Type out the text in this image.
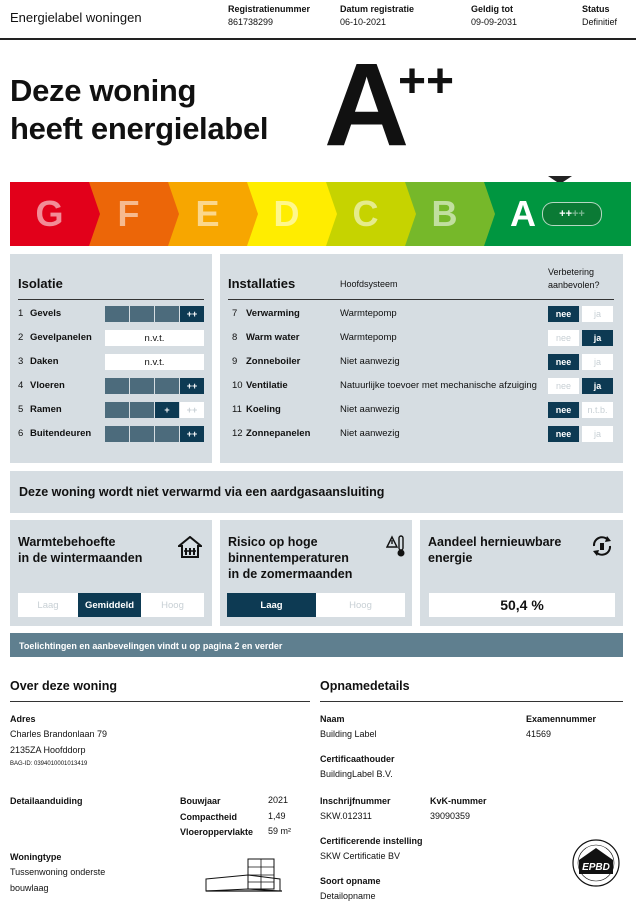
Energielabel woningen
Registratienummer
861738299
Datum registratie
06-10-2021
Geldig tot
09-09-2031
Status
Definitief
Deze woning
heeft energielabel A
++
G F E D C B A ++ ++
Isolatie
1 Gevels	++
2 Gevelpanelen	n.v.t.
3 Daken	n.v.t.
4 Vloeren	++
5 Ramen	+	++
6 Buitendeuren	++
Installaties	Hoofdsysteem
Verbetering
aanbevolen?
7 Verwarming	Warmtepomp	nee	ja
8 Warm water	Warmtepomp	nee	ja
9 Zonneboiler	Niet aanwezig	nee	ja
10 Ventilatie	Natuurlijke toevoer met mechanische afzuiging	nee	ja
11 Koeling	Niet aanwezig	nee	n.t.b.
12 Zonnepanelen	Niet aanwezig	nee	ja
Deze woning wordt niet verwarmd via een aardgasaansluiting
Warmtebehoefte
in de wintermaanden
Laag	Gemiddeld	Hoog
Risico op hoge
binnentemperaturen
in de zomermaanden
Laag	Hoog
Aandeel hernieuwbare
energie
50,4 %
Toelichtingen en aanbevelingen vindt u op pagina 2 en verder
Over deze woning
Adres
Charles Brandonlaan 79
2135ZA Hoofddorp
BAG-ID: 0394010001013419
Detailaanduiding	Bouwjaar	2021
Compactheid	1,49
Vloeroppervlakte 59 m²
Woningtype
Tussenwoning onderste
bouwlaag
Opnamedetails
Naam
Building Label
Examennummer
41569
Certificaathouder
BuildingLabel B.V.
Inschrijfnummer
SKW.012311
KvK-nummer
39090359
Certificerende instelling
SKW Certificatie BV
Soort opname
Detailopname
EPBD
